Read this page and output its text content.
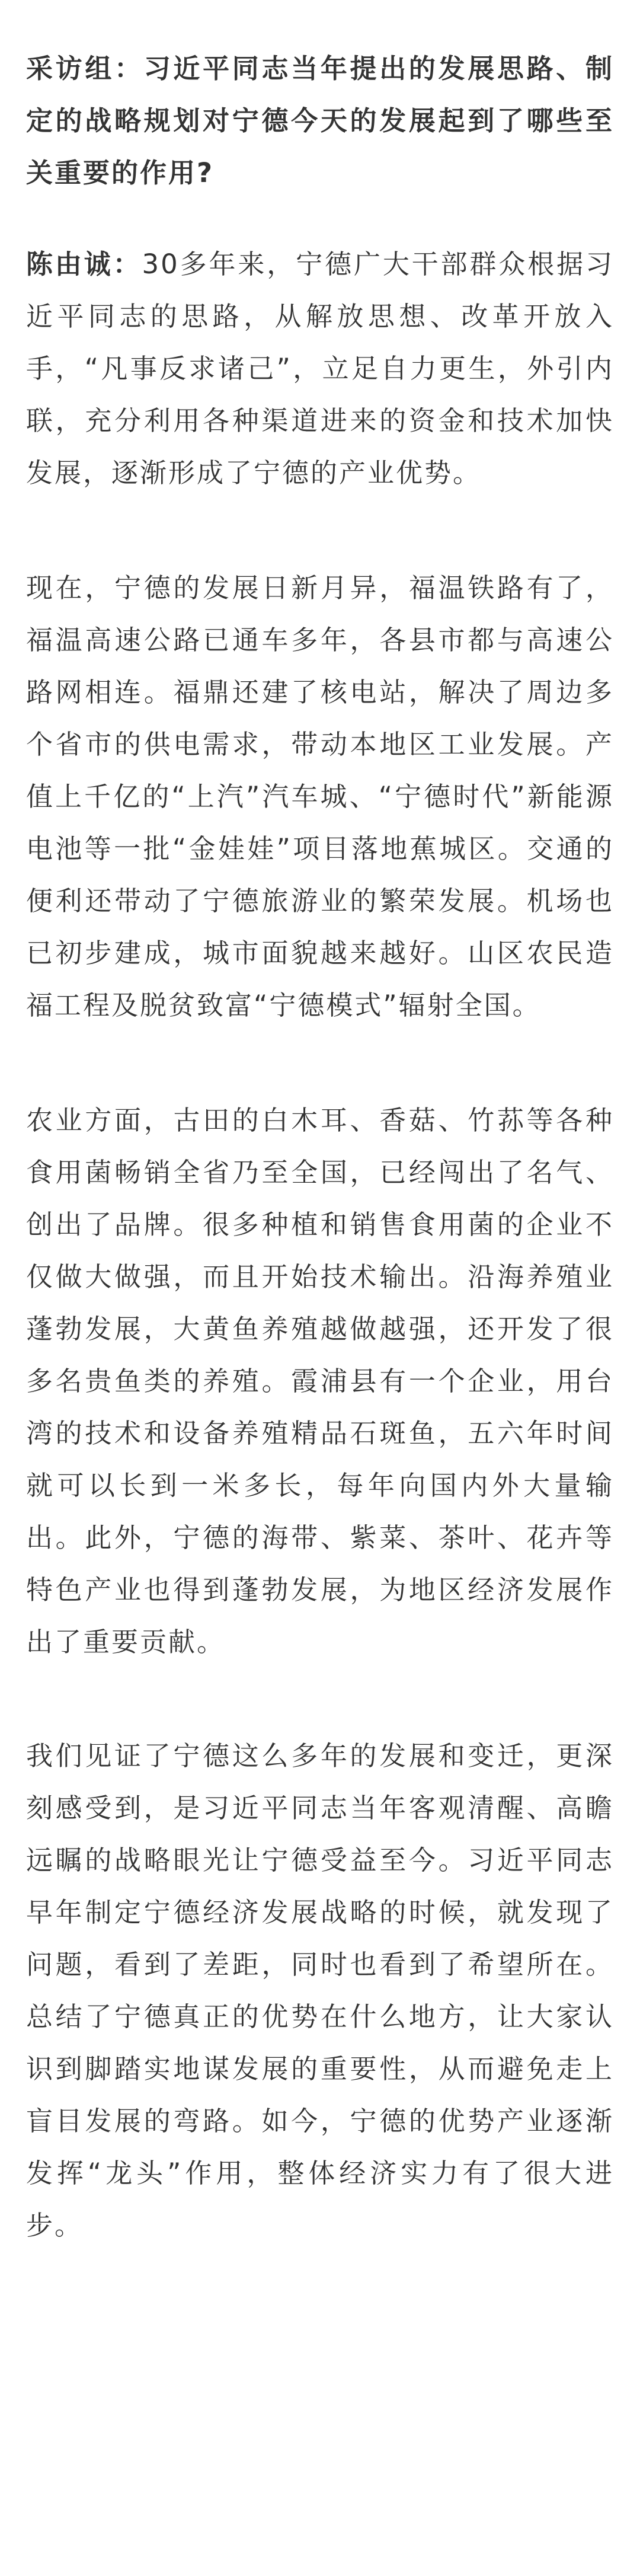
采访组：习近平同志当年提出的发展思路、制定的战略规划对宁德今天的发展起到了哪些至关重要的作用?

陈由诚：30多年来，宁德广大干部群众根据习近平同志的思路，从解放思想、改革开放入手，“凡事反求诸己”，立足自力更生，外引内联，充分利用各种渠道进来的资金和技术加快发展，逐渐形成了宁德的产业优势。

现在，宁德的发展日新月异，福温铁路有了，福温高速公路已通车多年，各县市都与高速公路网相连。福鼎还建了核电站，解决了周边多个省市的供电需求，带动本地区工业发展。产值上千亿的“上汽”汽车城、“宁德时代”新能源电池等一批“金娃娃”项目落地蕉城区。交通的便利还带动了宁德旅游业的繁荣发展。机场也已初步建成，城市面貌越来越好。山区农民造福工程及脱贫致富“宁德模式”辐射全国。

农业方面，古田的白木耳、香菇、竹荪等各种食用菌畅销全省乃至全国，已经闯出了名气、创出了品牌。很多种植和销售食用菌的企业不仅做大做强，而且开始技术输出。沿海养殖业蓬勃发展，大黄鱼养殖越做越强，还开发了很多名贵鱼类的养殖。霞浦县有一个企业，用台湾的技术和设备养殖精品石斑鱼，五六年时间就可以长到一米多长，每年向国内外大量输出。此外，宁德的海带、紫菜、茶叶、花卉等特色产业也得到蓬勃发展，为地区经济发展作出了重要贡献。

我们见证了宁德这么多年的发展和变迁，更深刻感受到，是习近平同志当年客观清醒、高瞻远瞩的战略眼光让宁德受益至今。习近平同志早年制定宁德经济发展战略的时候，就发现了问题，看到了差距，同时也看到了希望所在。总结了宁德真正的优势在什么地方，让大家认识到脚踏实地谋发展的重要性，从而避免走上盲目发展的弯路。如今，宁德的优势产业逐渐发挥“龙头”作用，整体经济实力有了很大进步。
